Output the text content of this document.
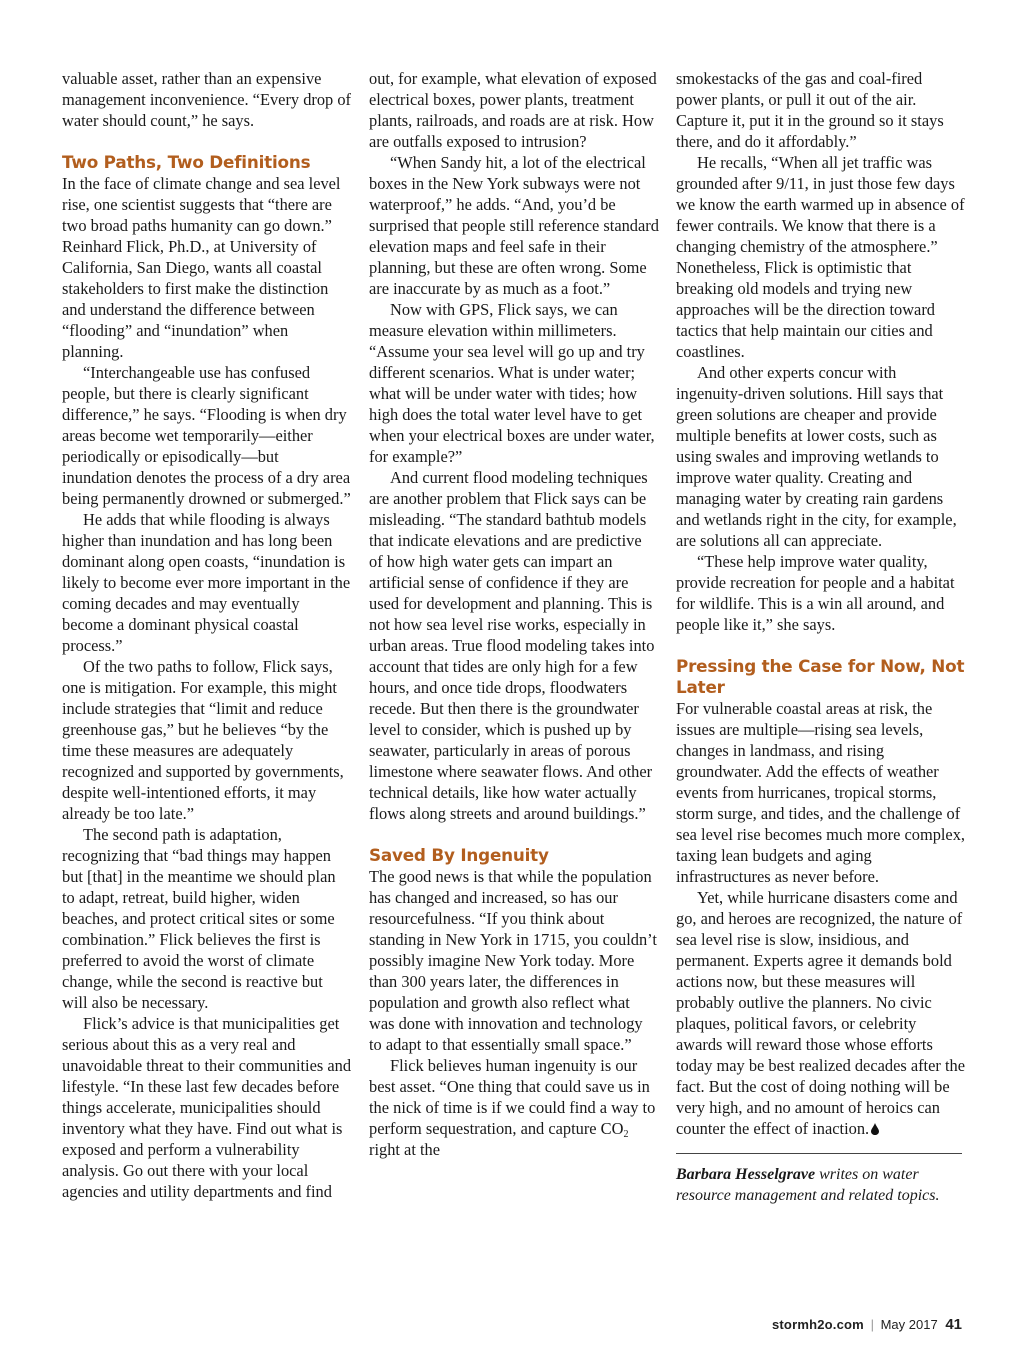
valuable asset, rather than an expensive management inconvenience. “Every drop of water should count,” he says.

Two Paths, Two Definitions

In the face of climate change and sea level rise, one scientist suggests that “there are two broad paths humanity can go down.” Reinhard Flick, Ph.D., at University of California, San Diego, wants all coastal stakeholders to first make the distinction and understand the difference between “flooding” and “inundation” when planning.

“Interchangeable use has confused people, but there is clearly significant difference,” he says. “Flooding is when dry areas become wet temporarily—either periodically or episodically—but inundation denotes the process of a dry area being permanently drowned or submerged.”

He adds that while flooding is always higher than inundation and has long been dominant along open coasts, “inundation is likely to become ever more important in the coming decades and may eventually become a dominant physical coastal process.”

Of the two paths to follow, Flick says, one is mitigation. For example, this might include strategies that “limit and reduce greenhouse gas,” but he believes “by the time these measures are adequately recognized and supported by governments, despite well-intentioned efforts, it may already be too late.”

The second path is adaptation, recognizing that “bad things may happen but [that] in the meantime we should plan to adapt, retreat, build higher, widen beaches, and protect critical sites or some combination.” Flick believes the first is preferred to avoid the worst of climate change, while the second is reactive but will also be necessary.

Flick’s advice is that municipalities get serious about this as a very real and unavoidable threat to their communities and lifestyle. “In these last few decades before things accelerate, municipalities should inventory what they have. Find out what is exposed and perform a vulnerability analysis. Go out there with your local agencies and utility departments and find

out, for example, what elevation of exposed electrical boxes, power plants, treatment plants, railroads, and roads are at risk. How are outfalls exposed to intrusion?

“When Sandy hit, a lot of the electrical boxes in the New York subways were not waterproof,” he adds. “And, you’d be surprised that people still reference standard elevation maps and feel safe in their planning, but these are often wrong. Some are inaccurate by as much as a foot.”

Now with GPS, Flick says, we can measure elevation within millimeters. “Assume your sea level will go up and try different scenarios. What is under water; what will be under water with tides; how high does the total water level have to get when your electrical boxes are under water, for example?”

And current flood modeling techniques are another problem that Flick says can be misleading. “The standard bathtub models that indicate elevations and are predictive of how high water gets can impart an artificial sense of confidence if they are used for development and planning. This is not how sea level rise works, especially in urban areas. True flood modeling takes into account that tides are only high for a few hours, and once tide drops, floodwaters recede. But then there is the groundwater level to consider, which is pushed up by seawater, particularly in areas of porous limestone where seawater flows. And other technical details, like how water actually flows along streets and around buildings.”

Saved By Ingenuity

The good news is that while the population has changed and increased, so has our resourcefulness. “If you think about standing in New York in 1715, you couldn’t possibly imagine New York today. More than 300 years later, the differences in population and growth also reflect what was done with innovation and technology to adapt to that essentially small space.”

Flick believes human ingenuity is our best asset. “One thing that could save us in the nick of time is if we could find a way to perform sequestration, and capture $CO_2$ right at the

smokestacks of the gas and coal-fired power plants, or pull it out of the air. Capture it, put it in the ground so it stays there, and do it affordably.”

He recalls, “When all jet traffic was grounded after 9/11, in just those few days we know the earth warmed up in absence of fewer contrails. We know that there is a changing chemistry of the atmosphere.” Nonetheless, Flick is optimistic that breaking old models and trying new approaches will be the direction toward tactics that help maintain our cities and coastlines.

And other experts concur with ingenuity-driven solutions. Hill says that green solutions are cheaper and provide multiple benefits at lower costs, such as using swales and improving wetlands to improve water quality. Creating and managing water by creating rain gardens and wetlands right in the city, for example, are solutions all can appreciate.

“These help improve water quality, provide recreation for people and a habitat for wildlife. This is a win all around, and people like it,” she says.

Pressing the Case for Now, Not Later

For vulnerable coastal areas at risk, the issues are multiple—rising sea levels, changes in landmass, and rising groundwater. Add the effects of weather events from hurricanes, tropical storms, storm surge, and tides, and the challenge of sea level rise becomes much more complex, taxing lean budgets and aging infrastructures as never before.

Yet, while hurricane disasters come and go, and heroes are recognized, the nature of sea level rise is slow, insidious, and permanent. Experts agree it demands bold actions now, but these measures will probably outlive the planners. No civic plaques, political favors, or celebrity awards will reward those whose efforts today may be best realized decades after the fact. But the cost of doing nothing will be very high, and no amount of heroics can counter the effect of inaction.

Barbara Hesselgrave writes on water resource management and related topics.

stormh2o.com | May 2017 41
